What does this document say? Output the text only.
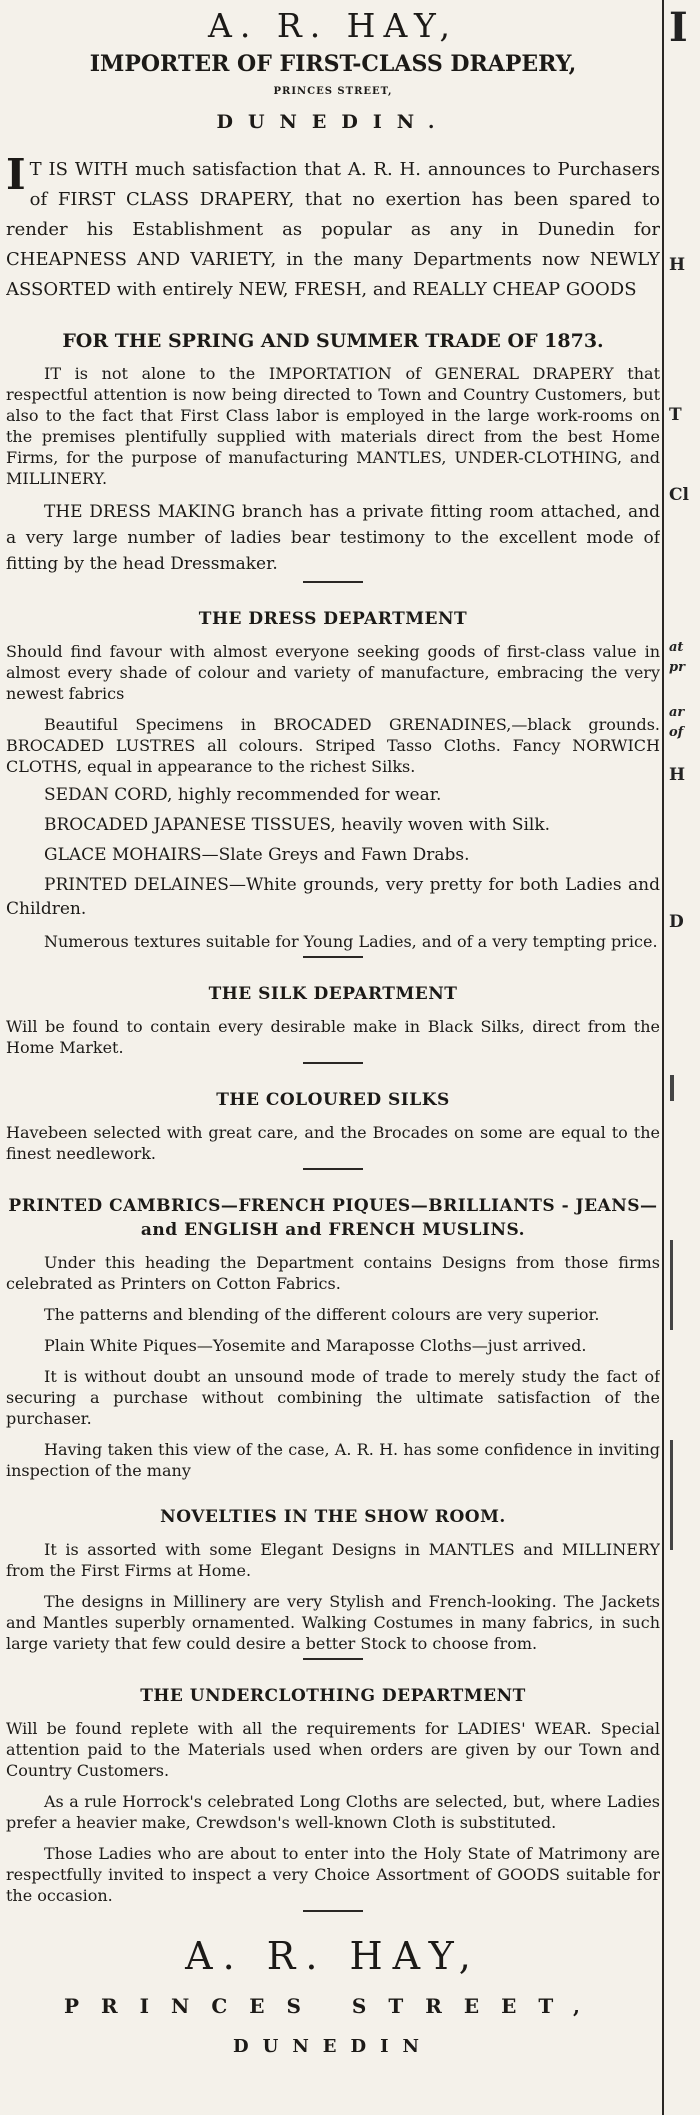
A. R. HAY,
IMPORTER OF FIRST-CLASS DRAPERY,
PRINCES STREET,
DUNEDIN.
I T IS WITH much satisfaction that A. R. H. announces to Purchasers of FIRST CLASS DRAPERY, that no exertion has been spared to render his Establishment as popular as any in Dunedin for CHEAPNESS AND VARIETY, in the many Departments now NEWLY ASSORTED with entirely NEW, FRESH, and REALLY CHEAP GOODS
FOR THE SPRING AND SUMMER TRADE OF 1873.

IT is not alone to the IMPORTATION of GENERAL DRAPERY that respectful attention is now being directed to Town and Country Customers, but also to the fact that First Class labor is employed in the large work-rooms on the premises plentifully supplied with materials direct from the best Home Firms, for the purpose of manufacturing MANTLES, UNDER-CLOTHING, and MILLINERY.

THE DRESS MAKING branch has a private fitting room attached, and a very large number of ladies bear testimony to the excellent mode of fitting by the head Dressmaker.

THE DRESS DEPARTMENT

Should find favour with almost everyone seeking goods of first-class value in almost every shade of colour and variety of manufacture, embracing the very newest fabrics

Beautiful Specimens in BROCADED GRENADINES,—black grounds. BROCADED LUSTRES all colours. Striped Tasso Cloths. Fancy NORWICH CLOTHS, equal in appearance to the richest Silks.

SEDAN CORD, highly recommended for wear.

BROCADED JAPANESE TISSUES, heavily woven with Silk.

GLACE MOHAIRS—Slate Greys and Fawn Drabs.

PRINTED DELAINES—White grounds, very pretty for both Ladies and Children.

Numerous textures suitable for Young Ladies, and of a very tempting price.

THE SILK DEPARTMENT

Will be found to contain every desirable make in Black Silks, direct from the Home Market.

THE COLOURED SILKS

Havebeen selected with great care, and the Brocades on some are equal to the finest needlework.

PRINTED CAMBRICS—FRENCH PIQUES—BRILLIANTS - JEANS—and ENGLISH and FRENCH MUSLINS.

Under this heading the Department contains Designs from those firms celebrated as Printers on Cotton Fabrics.

The patterns and blending of the different colours are very superior.

Plain White Piques—Yosemite and Maraposse Cloths—just arrived.

It is without doubt an unsound mode of trade to merely study the fact of securing a purchase without combining the ultimate satisfaction of the purchaser.

Having taken this view of the case, A. R. H. has some confidence in inviting inspection of the many

NOVELTIES IN THE SHOW ROOM.

It is assorted with some Elegant Designs in MANTLES and MILLINERY from the First Firms at Home.

The designs in Millinery are very Stylish and French-looking. The Jackets and Mantles superbly ornamented. Walking Costumes in many fabrics, in such large variety that few could desire a better Stock to choose from.

THE UNDERCLOTHING DEPARTMENT

Will be found replete with all the requirements for LADIES' WEAR. Special attention paid to the Materials used when orders are given by our Town and Country Customers.

As a rule Horrock's celebrated Long Cloths are selected, but, where Ladies prefer a heavier make, Crewdson's well-known Cloth is substituted.

Those Ladies who are about to enter into the Holy State of Matrimony are respectfully invited to inspect a very Choice Assortment of GOODS suitable for the occasion.

A. R. HAY,
PRINCES STREET,
DUNEDIN
I
H
T
Cl
at
pr
ar
of
H
D
